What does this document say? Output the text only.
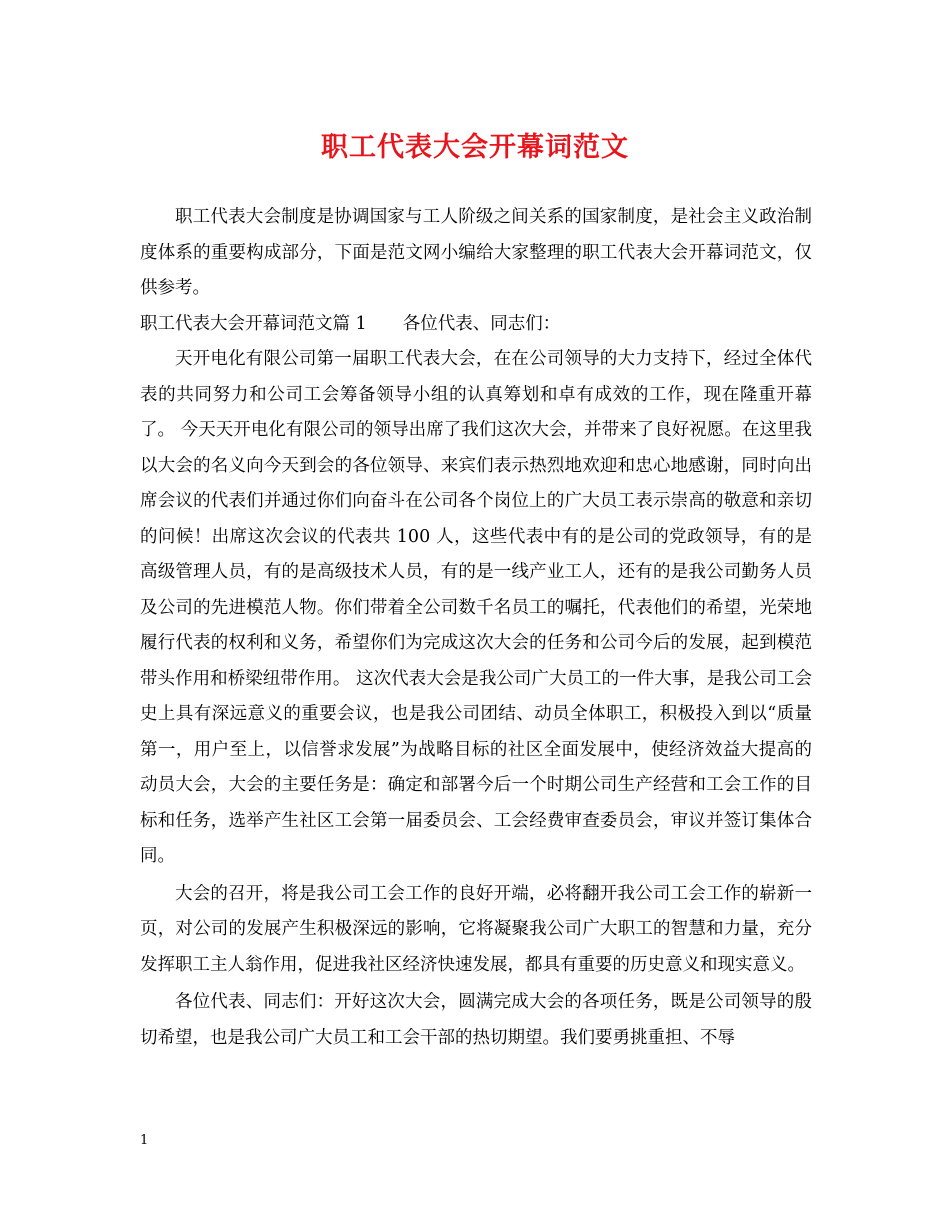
职工代表大会开幕词范文

职工代表大会制度是协调国家与工人阶级之间关系的国家制度，是社会主义政治制度体系的重要构成部分，下面是范文网小编给大家整理的职工代表大会开幕词范文，仅供参考。

职工代表大会开幕词范文篇 1 各位代表、同志们：

天开电化有限公司第一届职工代表大会，在在公司领导的大力支持下，经过全体代表的共同努力和公司工会筹备领导小组的认真筹划和卓有成效的工作，现在隆重开幕了。 今天天开电化有限公司的领导出席了我们这次大会，并带来了良好祝愿。在这里我以大会的名义向今天到会的各位领导、来宾们表示热烈地欢迎和忠心地感谢，同时向出席会议的代表们并通过你们向奋斗在公司各个岗位上的广大员工表示崇高的敬意和亲切的问候！出席这次会议的代表共 100 人，这些代表中有的是公司的党政领导，有的是高级管理人员，有的是高级技术人员，有的是一线产业工人，还有的是我公司勤务人员及公司的先进模范人物。你们带着全公司数千名员工的嘱托，代表他们的希望，光荣地履行代表的权利和义务，希望你们为完成这次大会的任务和公司今后的发展，起到模范带头作用和桥梁纽带作用。 这次代表大会是我公司广大员工的一件大事，是我公司工会史上具有深远意义的重要会议，也是我公司团结、动员全体职工，积极投入到以“质量第一，用户至上，以信誉求发展”为战略目标的社区全面发展中，使经济效益大提高的动员大会，大会的主要任务是：确定和部署今后一个时期公司生产经营和工会工作的目标和任务，选举产生社区工会第一届委员会、工会经费审查委员会，审议并签订集体合同。

大会的召开，将是我公司工会工作的良好开端，必将翻开我公司工会工作的崭新一页，对公司的发展产生积极深远的影响，它将凝聚我公司广大职工的智慧和力量，充分发挥职工主人翁作用，促进我社区经济快速发展，都具有重要的历史意义和现实意义。

各位代表、同志们：开好这次大会，圆满完成大会的各项任务，既是公司领导的殷切希望，也是我公司广大员工和工会干部的热切期望。我们要勇挑重担、不辱

1
